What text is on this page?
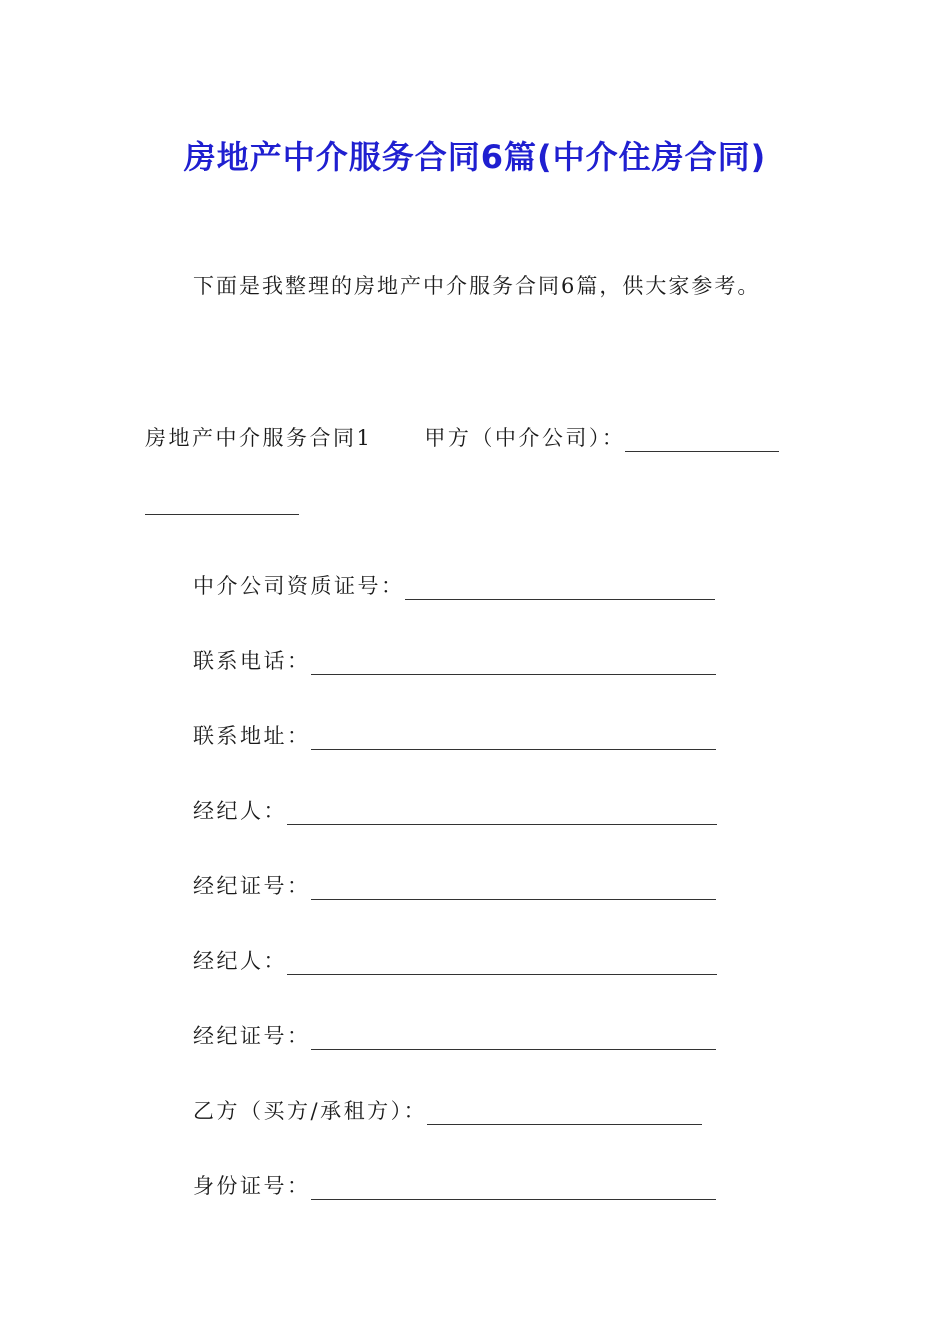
房地产中介服务合同6篇(中介住房合同)
下面是我整理的房地产中介服务合同6篇，供大家参考。
房地产中介服务合同1 甲方（中介公司）：
中介公司资质证号：
联系电话：
联系地址：
经纪人：
经纪证号：
经纪人：
经纪证号：
乙方（买方/承租方）：
身份证号：
